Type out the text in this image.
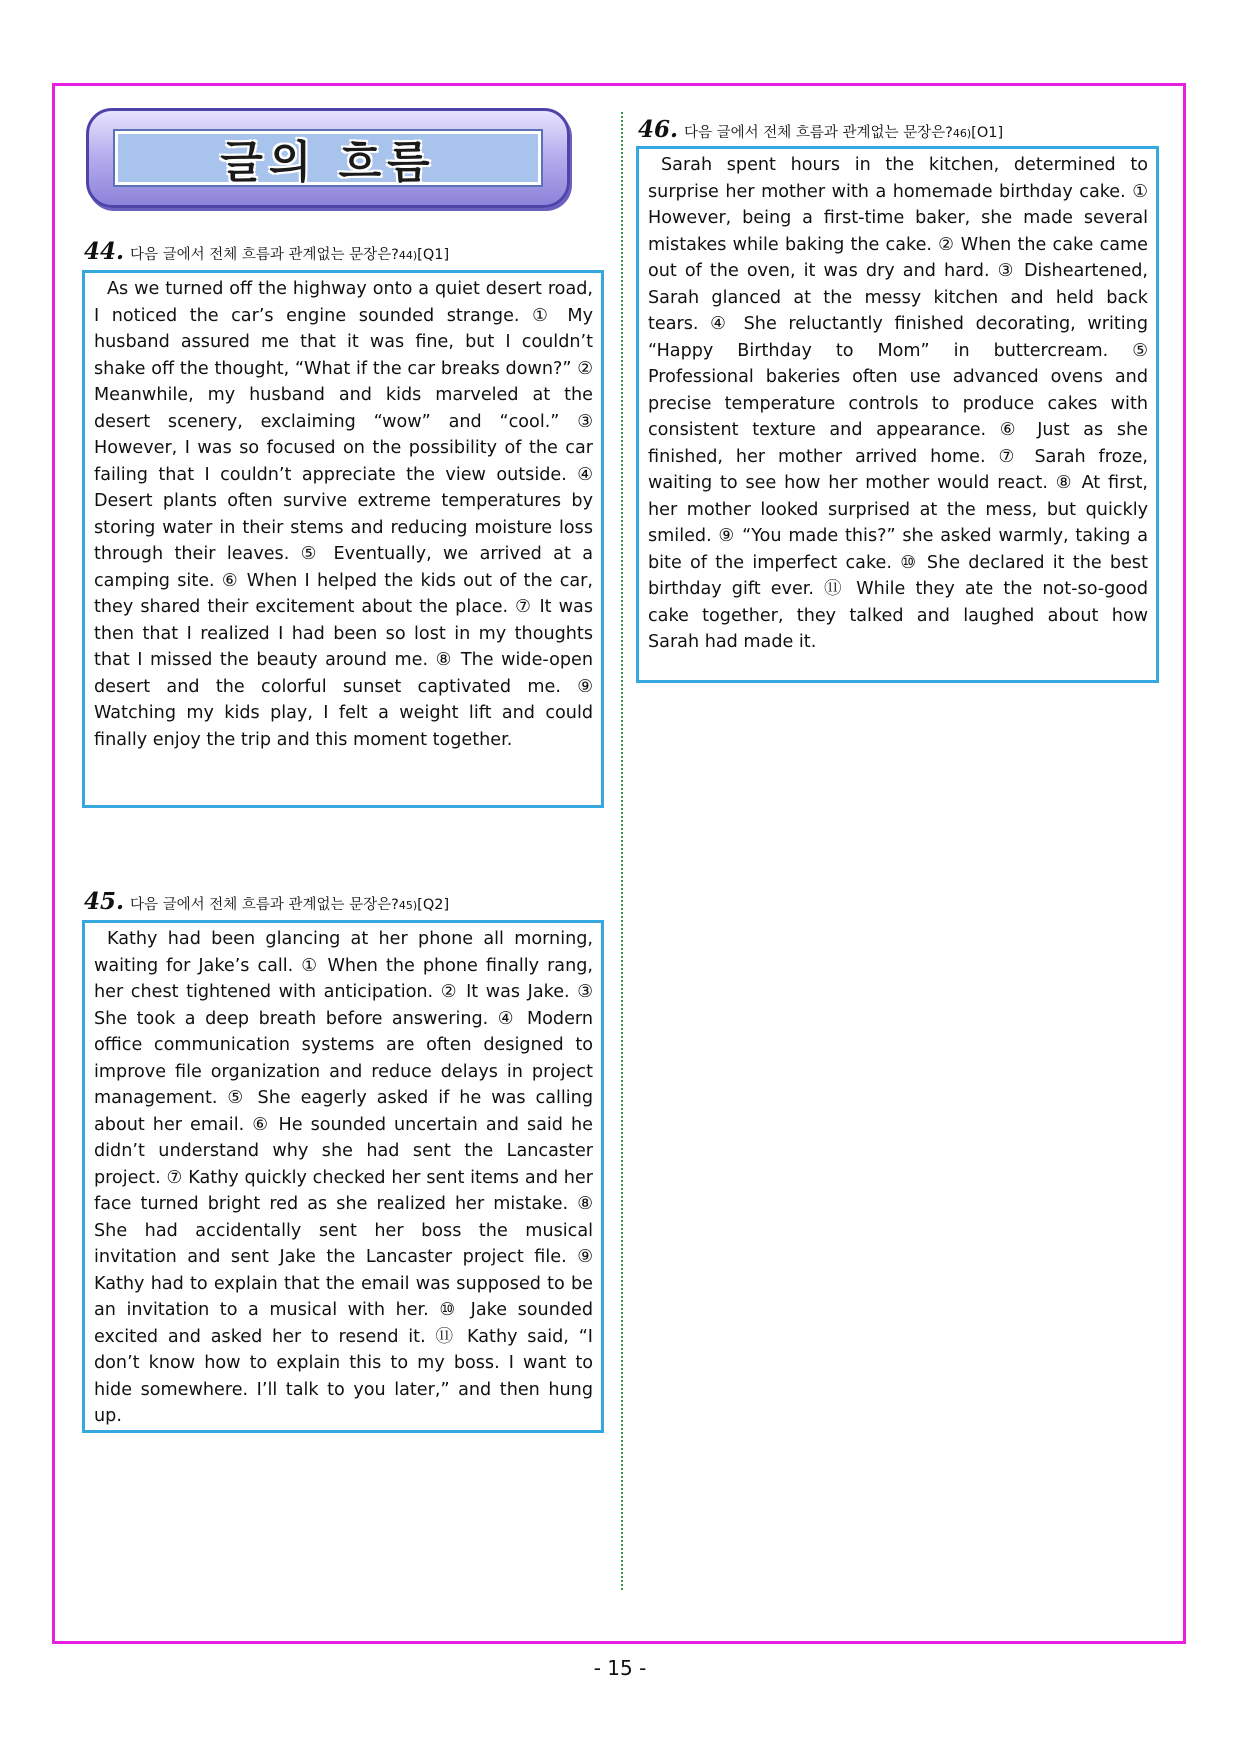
글의 흐름
44. 다음 글에서 전체 흐름과 관계없는 문장은? 44) [Q1]

As we turned off the highway onto a quiet desert road, I noticed the car’s engine sounded strange. ① My husband assured me that it was fine, but I couldn’t shake off the thought, “What if the car breaks down?” ② Meanwhile, my husband and kids marveled at the desert scenery, exclaiming “wow” and “cool.” ③ However, I was so focused on the possibility of the car failing that I couldn’t appreciate the view outside. ④ Desert plants often survive extreme temperatures by storing water in their stems and reducing moisture loss through their leaves. ⑤ Eventually, we arrived at a camping site. ⑥ When I helped the kids out of the car, they shared their excitement about the place. ⑦ It was then that I realized I had been so lost in my thoughts that I missed the beauty around me. ⑧ The wide-open desert and the colorful sunset captivated me. ⑨ Watching my kids play, I felt a weight lift and could finally enjoy the trip and this moment together.

45. 다음 글에서 전체 흐름과 관계없는 문장은? 45) [Q2]

Kathy had been glancing at her phone all morning, waiting for Jake’s call. ① When the phone finally rang, her chest tightened with anticipation. ② It was Jake. ③ She took a deep breath before answering. ④ Modern office communication systems are often designed to improve file organization and reduce delays in project management. ⑤ She eagerly asked if he was calling about her email. ⑥ He sounded uncertain and said he didn’t understand why she had sent the Lancaster project. ⑦ Kathy quickly checked her sent items and her face turned bright red as she realized her mistake. ⑧ She had accidentally sent her boss the musical invitation and sent Jake the Lancaster project file. ⑨ Kathy had to explain that the email was supposed to be an invitation to a musical with her. ⑩ Jake sounded excited and asked her to resend it. ⑪ Kathy said, “I don’t know how to explain this to my boss. I want to hide somewhere. I’ll talk to you later,” and then hung up.

46. 다음 글에서 전체 흐름과 관계없는 문장은? 46) [O1]

Sarah spent hours in the kitchen, determined to surprise her mother with a homemade birthday cake. ① However, being a first-time baker, she made several mistakes while baking the cake. ② When the cake came out of the oven, it was dry and hard. ③ Disheartened, Sarah glanced at the messy kitchen and held back tears. ④ She reluctantly finished decorating, writing “Happy Birthday to Mom” in buttercream. ⑤ Professional bakeries often use advanced ovens and precise temperature controls to produce cakes with consistent texture and appearance. ⑥ Just as she finished, her mother arrived home. ⑦ Sarah froze, waiting to see how her mother would react. ⑧ At first, her mother looked surprised at the mess, but quickly smiled. ⑨ “You made this?” she asked warmly, taking a bite of the imperfect cake. ⑩ She declared it the best birthday gift ever. ⑪ While they ate the not-so-good cake together, they talked and laughed about how Sarah had made it.

- 15 -
